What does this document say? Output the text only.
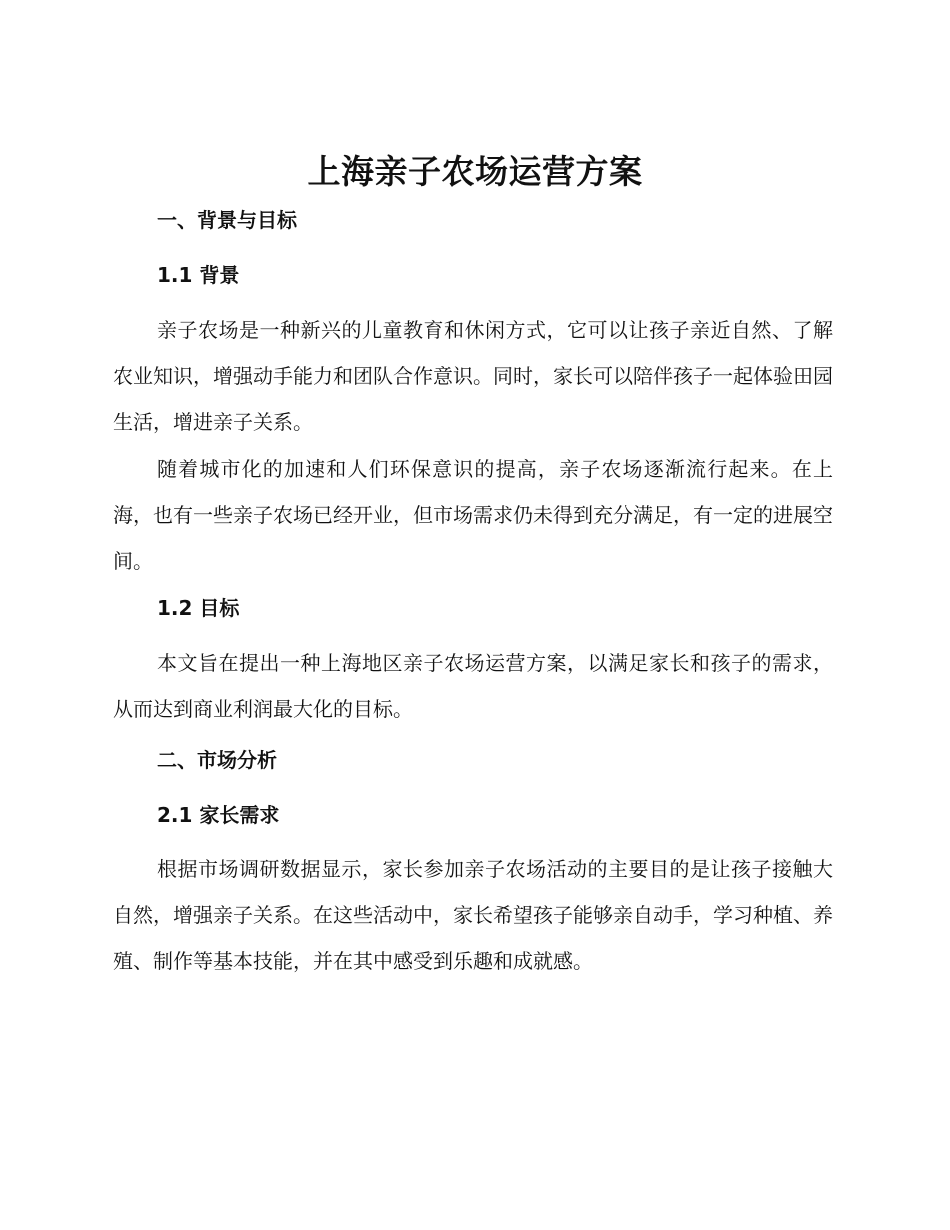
上海亲子农场运营方案
一、背景与目标
1.1 背景

亲子农场是一种新兴的儿童教育和休闲方式，它可以让孩子亲近自然、了解农业知识，增强动手能力和团队合作意识。同时，家长可以陪伴孩子一起体验田园生活，增进亲子关系。

随着城市化的加速和人们环保意识的提高，亲子农场逐渐流行起来。在上海，也有一些亲子农场已经开业，但市场需求仍未得到充分满足，有一定的进展空间。

1.2 目标

本文旨在提出一种上海地区亲子农场运营方案，以满足家长和孩子的需求，从而达到商业利润最大化的目标。

二、市场分析
2.1 家长需求

根据市场调研数据显示，家长参加亲子农场活动的主要目的是让孩子接触大自然，增强亲子关系。在这些活动中，家长希望孩子能够亲自动手，学习种植、养殖、制作等基本技能，并在其中感受到乐趣和成就感。
